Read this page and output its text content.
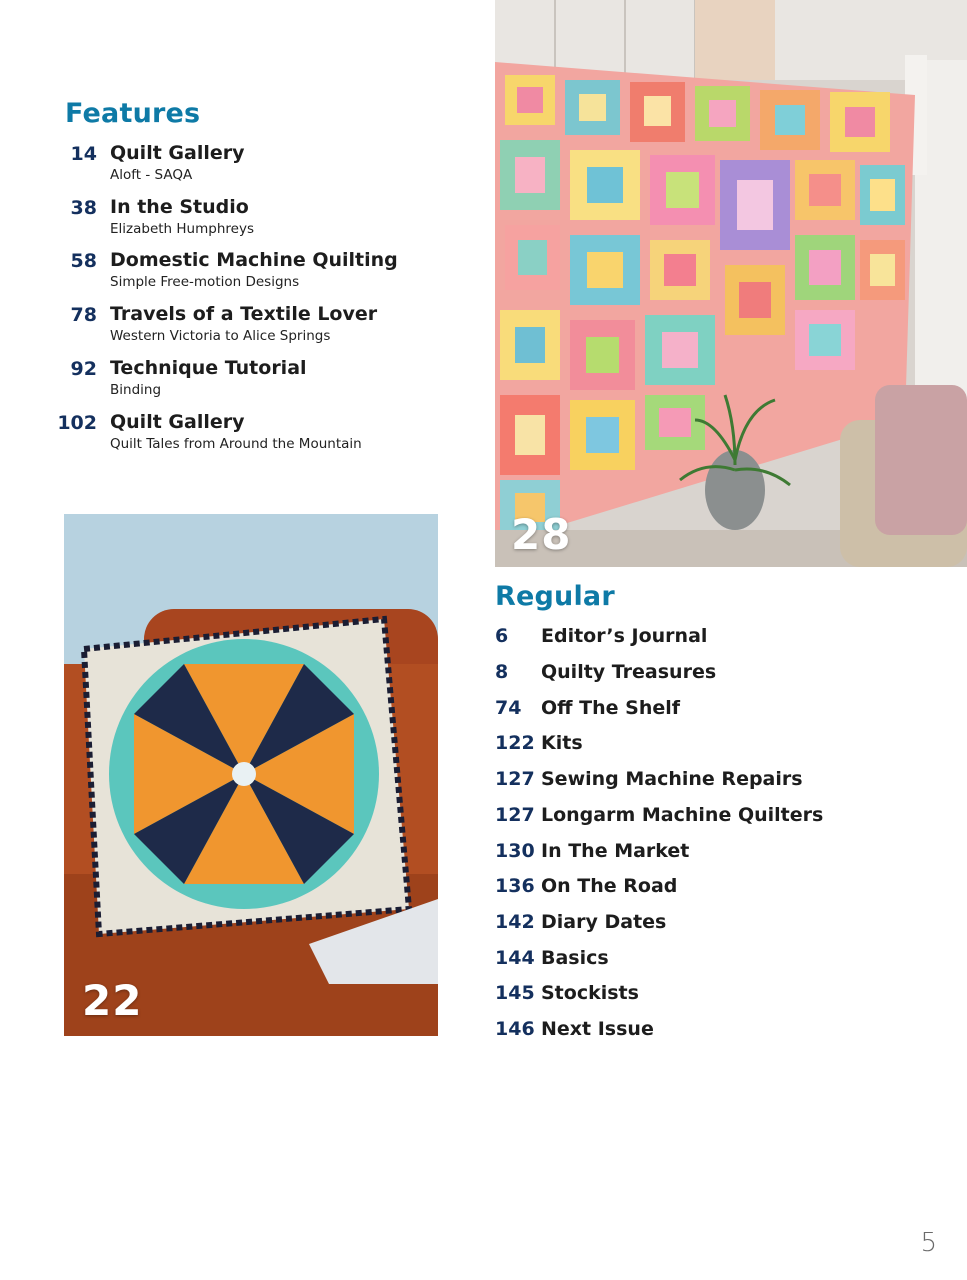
Features
14 Quilt Gallery
Aloft - SAQA
38 In the Studio
Elizabeth Humphreys
58 Domestic Machine Quilting
Simple Free-motion Designs
78 Travels of a Textile Lover
Western Victoria to Alice Springs
92 Technique Tutorial
Binding
102 Quilt Gallery
Quilt Tales from Around the Mountain
28
22
Regular
6 Editor’s Journal
8 Quilty Treasures
74 Off The Shelf
122 Kits
127 Sewing Machine Repairs
127 Longarm Machine Quilters
130 In The Market
136 On The Road
142 Diary Dates
144 Basics
145 Stockists
146 Next Issue
5
